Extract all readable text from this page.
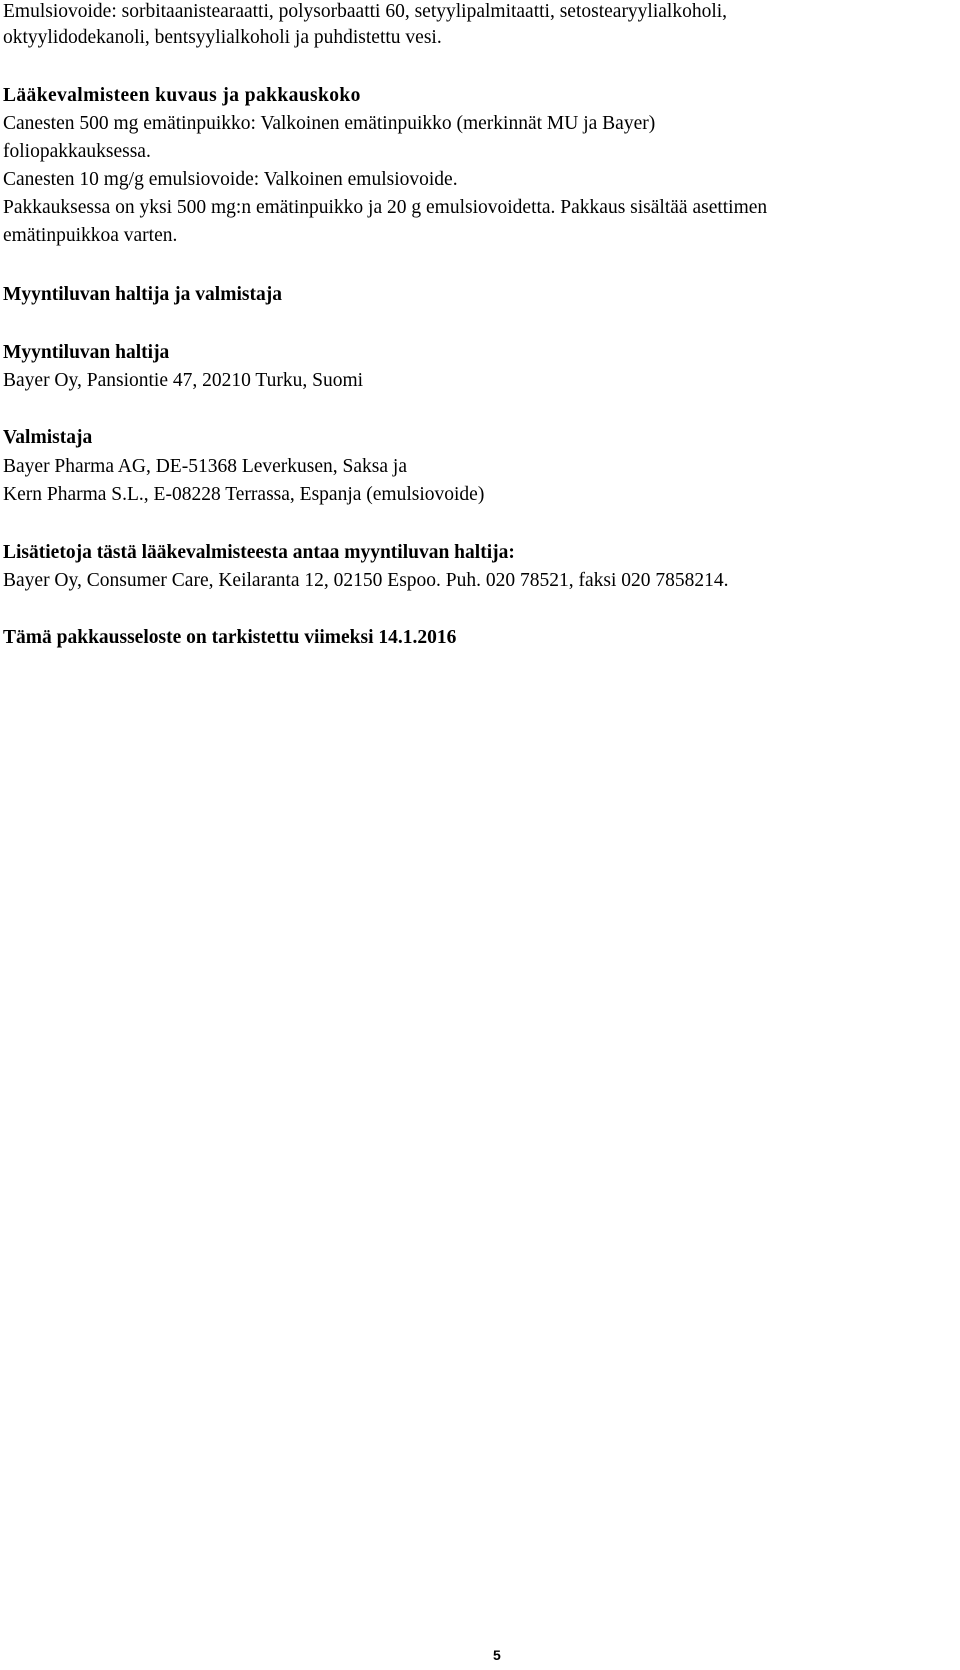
Emulsiovoide: sorbitaanistearaatti, polysorbaatti 60, setyylipalmitaatti, setostearyylialkoholi,
oktyylidodekanoli, bentsyylialkoholi ja puhdistettu vesi.
Lääkevalmisteen kuvaus ja pakkauskoko
Canesten 500 mg emätinpuikko: Valkoinen emätinpuikko (merkinnät MU ja Bayer)
foliopakkauksessa.
Canesten 10 mg/g emulsiovoide: Valkoinen emulsiovoide.
Pakkauksessa on yksi 500 mg:n emätinpuikko ja 20 g emulsiovoidetta. Pakkaus sisältää asettimen
emätinpuikkoa varten.
Myyntiluvan haltija ja valmistaja
Myyntiluvan haltija
Bayer Oy, Pansiontie 47, 20210 Turku, Suomi
Valmistaja
Bayer Pharma AG, DE-51368 Leverkusen, Saksa ja
Kern Pharma S.L., E-08228 Terrassa, Espanja (emulsiovoide)
Lisätietoja tästä lääkevalmisteesta antaa myyntiluvan haltija:
Bayer Oy, Consumer Care, Keilaranta 12, 02150 Espoo. Puh. 020 78521, faksi 020 7858214.
Tämä pakkausseloste on tarkistettu viimeksi 14.1.2016
5
